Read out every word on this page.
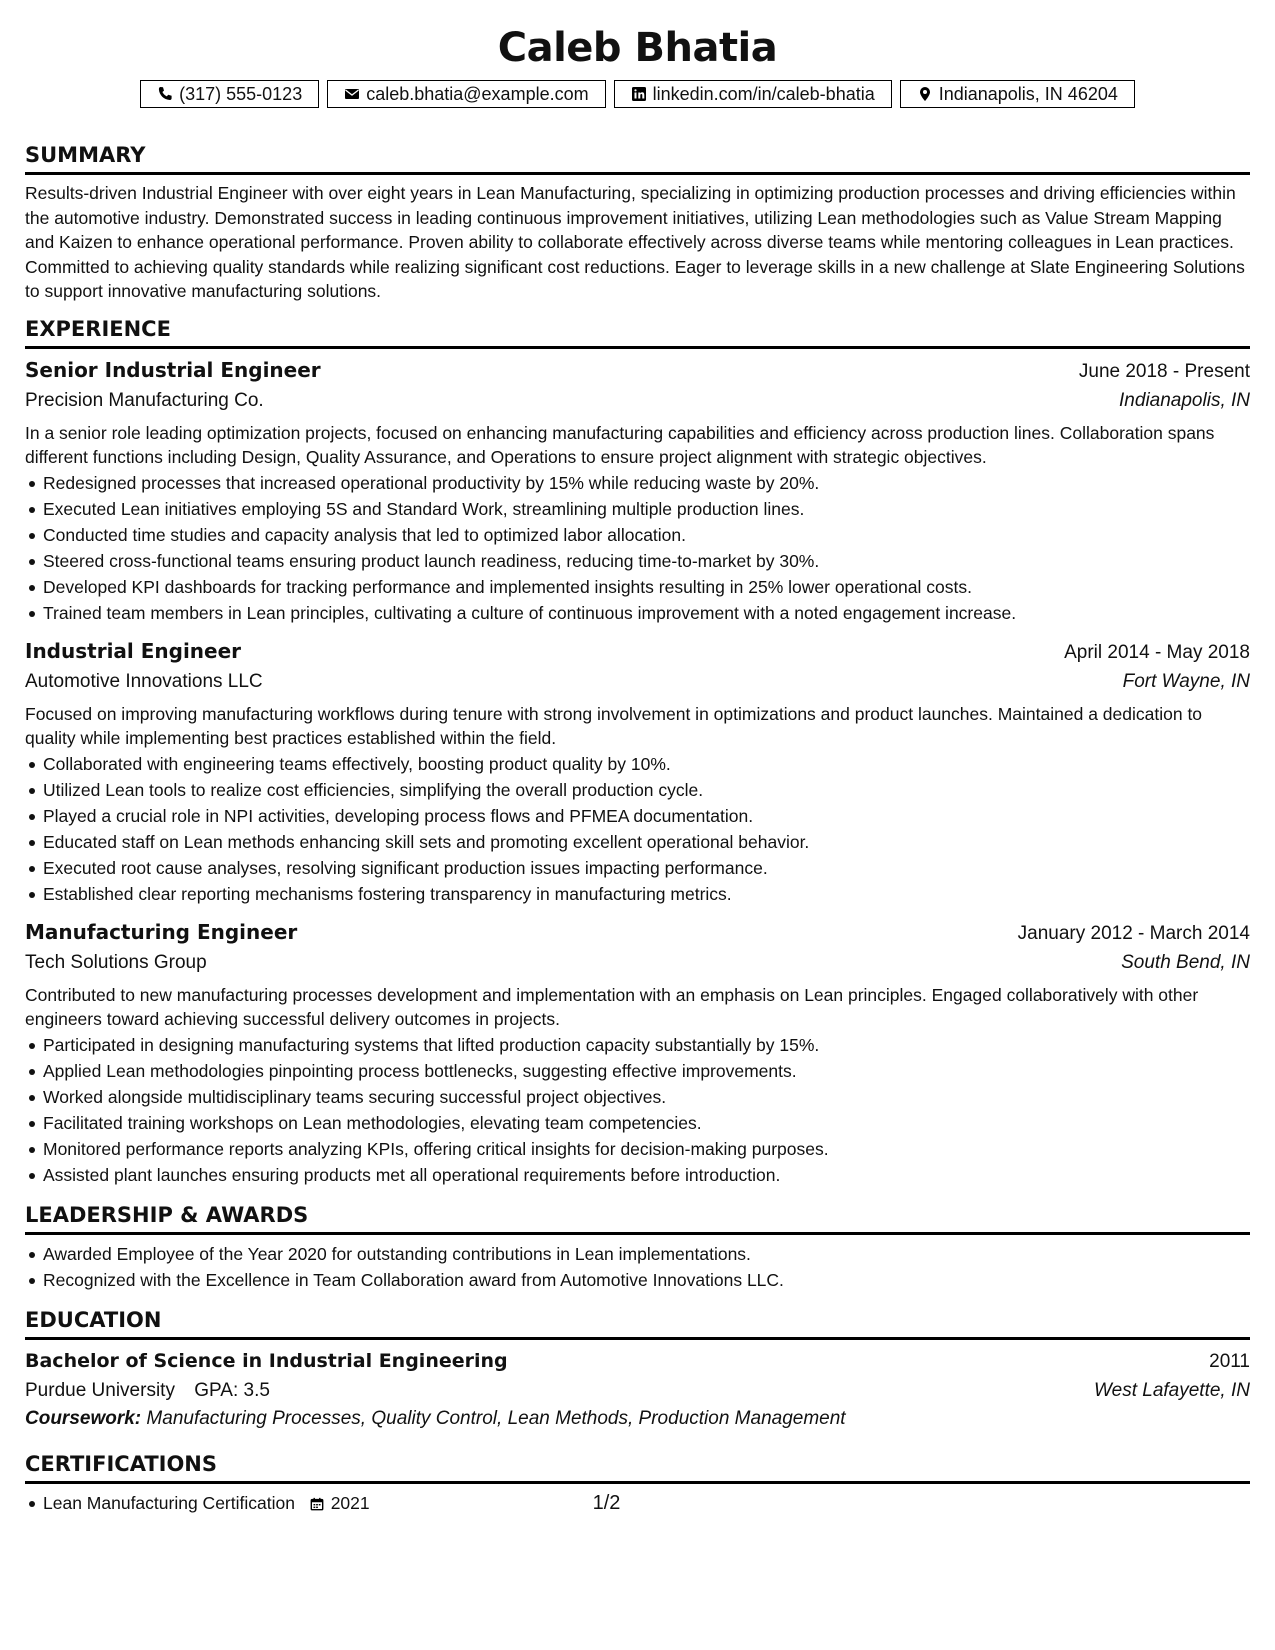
Caleb Bhatia
(317) 555-0123	caleb.bhatia@example.com	linkedin.com/in/caleb-bhatia	Indianapolis, IN 46204
SUMMARY

Results-driven Industrial Engineer with over eight years in Lean Manufacturing, specializing in optimizing production processes and driving efficiencies within the automotive industry. Demonstrated success in leading continuous improvement initiatives, utilizing Lean methodologies such as Value Stream Mapping and Kaizen to enhance operational performance. Proven ability to collaborate effectively across diverse teams while mentoring colleagues in Lean practices. Committed to achieving quality standards while realizing significant cost reductions. Eager to leverage skills in a new challenge at Slate Engineering Solutions to support innovative manufacturing solutions.

EXPERIENCE
Senior Industrial Engineer	June 2018 - Present
Precision Manufacturing Co.	Indianapolis, IN

In a senior role leading optimization projects, focused on enhancing manufacturing capabilities and efficiency across production lines. Collaboration spans different functions including Design, Quality Assurance, and Operations to ensure project alignment with strategic objectives.

Redesigned processes that increased operational productivity by 15% while reducing waste by 20%.
Executed Lean initiatives employing 5S and Standard Work, streamlining multiple production lines.
Conducted time studies and capacity analysis that led to optimized labor allocation.
Steered cross-functional teams ensuring product launch readiness, reducing time-to-market by 30%.
Developed KPI dashboards for tracking performance and implemented insights resulting in 25% lower operational costs.
Trained team members in Lean principles, cultivating a culture of continuous improvement with a noted engagement increase.
Industrial Engineer	April 2014 - May 2018
Automotive Innovations LLC	Fort Wayne, IN

Focused on improving manufacturing workflows during tenure with strong involvement in optimizations and product launches. Maintained a dedication to quality while implementing best practices established within the field.

Collaborated with engineering teams effectively, boosting product quality by 10%.
Utilized Lean tools to realize cost efficiencies, simplifying the overall production cycle.
Played a crucial role in NPI activities, developing process flows and PFMEA documentation.
Educated staff on Lean methods enhancing skill sets and promoting excellent operational behavior.
Executed root cause analyses, resolving significant production issues impacting performance.
Established clear reporting mechanisms fostering transparency in manufacturing metrics.
Manufacturing Engineer	January 2012 - March 2014
Tech Solutions Group	South Bend, IN

Contributed to new manufacturing processes development and implementation with an emphasis on Lean principles. Engaged collaboratively with other engineers toward achieving successful delivery outcomes in projects.

Participated in designing manufacturing systems that lifted production capacity substantially by 15%.
Applied Lean methodologies pinpointing process bottlenecks, suggesting effective improvements.
Worked alongside multidisciplinary teams securing successful project objectives.
Facilitated training workshops on Lean methodologies, elevating team competencies.
Monitored performance reports analyzing KPIs, offering critical insights for decision-making purposes.
Assisted plant launches ensuring products met all operational requirements before introduction.
LEADERSHIP & AWARDS
Awarded Employee of the Year 2020 for outstanding contributions in Lean implementations.
Recognized with the Excellence in Team Collaboration award from Automotive Innovations LLC.
EDUCATION
Bachelor of Science in Industrial Engineering	2011
Purdue University GPA: 3.5	West Lafayette, IN
Coursework: Manufacturing Processes, Quality Control, Lean Methods, Production Management
CERTIFICATIONS
Lean Manufacturing Certification 2021	1/2
